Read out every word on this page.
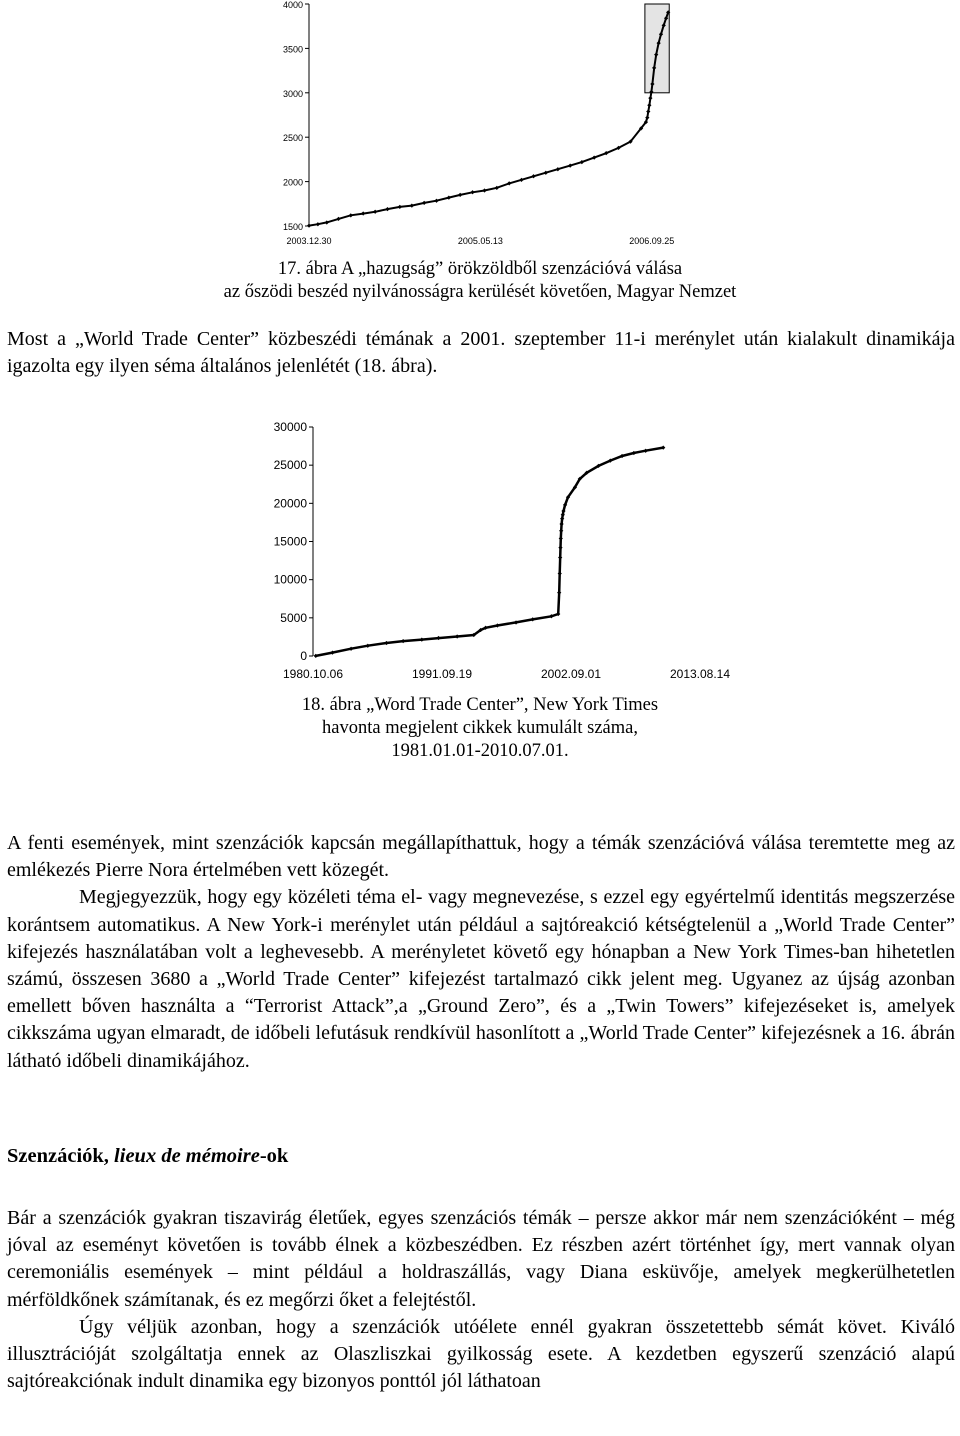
1500
2000
2500
3000
3500
4000
2003.12.30	2005.05.13	2006.09.25
0
5000
10000
15000
20000
25000
30000
1980.10.06	1991.09.19	2002.09.01	2013.08.14
17. ábra A „hazugság” örökzöldből szenzációvá válása
az őszödi beszéd nyilvánosságra kerülését követően, Magyar Nemzet

Most a „World Trade Center” közbeszédi témának a 2001. szeptember 11-i merénylet után kialakult dinamikája igazolta egy ilyen séma általános jelenlétét (18. ábra).

18. ábra „Word Trade Center”, New York Times
havonta megjelent cikkek kumulált száma,
1981.01.01-2010.07.01.

A fenti események, mint szenzációk kapcsán megállapíthattuk, hogy a témák szenzációvá válása teremtette meg az emlékezés Pierre Nora értelmében vett közegét.

Megjegyezzük, hogy egy közéleti téma el- vagy megnevezése, s ezzel egy egyértelmű identitás megszerzése korántsem automatikus. A New York-i merénylet után például a sajtóreakció kétségtelenül a „World Trade Center” kifejezés használatában volt a leghevesebb. A merényletet követő egy hónapban a New York Times-ban hihetetlen számú, összesen 3680 a „World Trade Center” kifejezést tartalmazó cikk jelent meg. Ugyanez az újság azonban emellett bőven használta a “Terrorist Attack”,a „Ground Zero”, és a „Twin Towers” kifejezéseket is, amelyek cikkszáma ugyan elmaradt, de időbeli lefutásuk rendkívül hasonlított a „World Trade Center” kifejezésnek a 16. ábrán látható időbeli dinamikájához.

Szenzációk, lieux de mémoire-ok

Bár a szenzációk gyakran tiszavirág életűek, egyes szenzációs témák – persze akkor már nem szenzációként – még jóval az eseményt követően is tovább élnek a közbeszédben. Ez részben azért történhet így, mert vannak olyan ceremoniális események – mint például a holdraszállás, vagy Diana esküvője, amelyek megkerülhetetlen mérföldkőnek számítanak, és ez megőrzi őket a felejtéstől.

Úgy véljük azonban, hogy a szenzációk utóélete ennél gyakran összetettebb sémát követ. Kiváló illusztrációját szolgáltatja ennek az Olaszliszkai gyilkosság esete. A kezdetben egyszerű szenzáció alapú sajtóreakciónak indult dinamika egy bizonyos ponttól jól láthatoan
